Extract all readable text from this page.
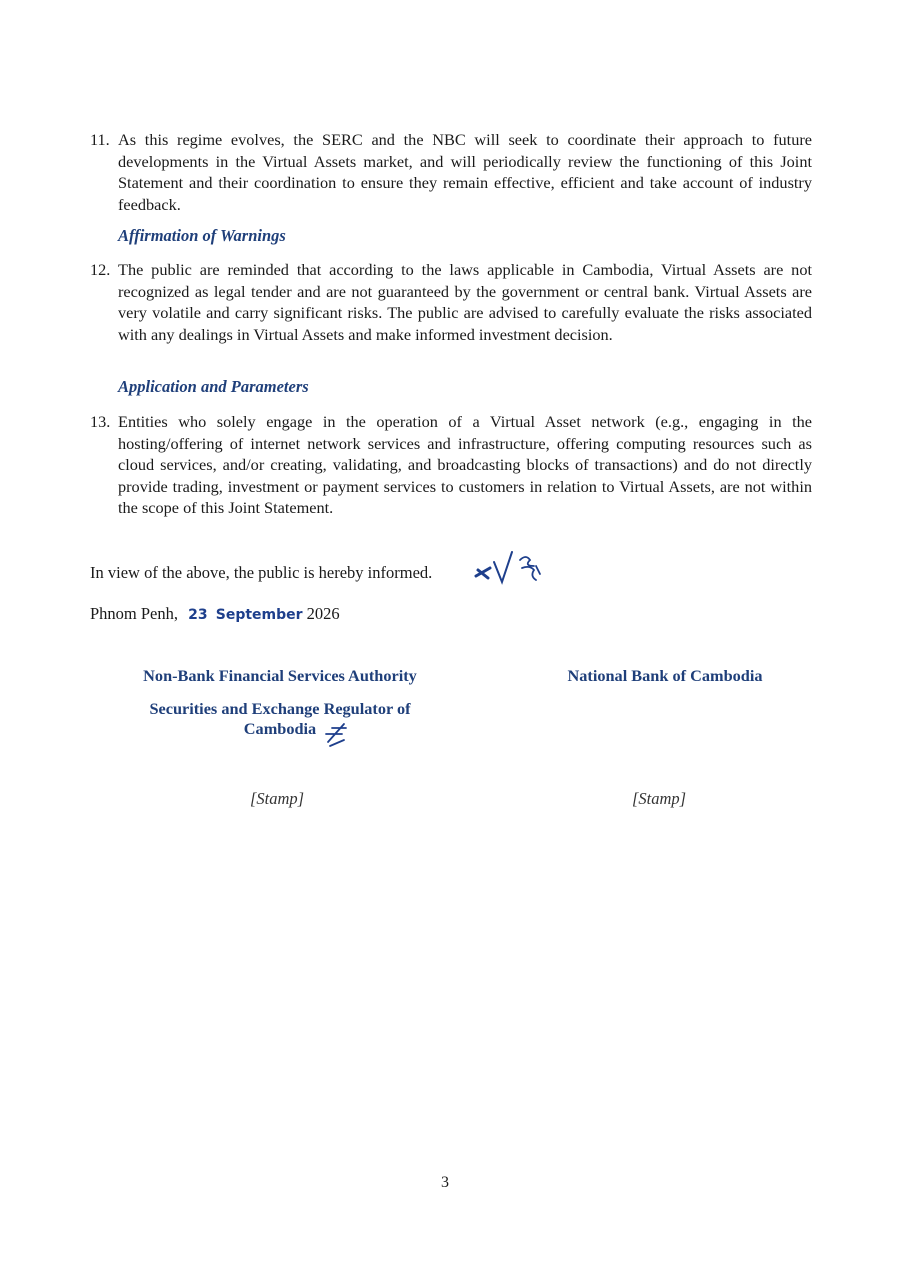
11. As this regime evolves, the SERC and the NBC will seek to coordinate their approach to future developments in the Virtual Assets market, and will periodically review the functioning of this Joint Statement and their coordination to ensure they remain effective, efficient and take account of industry feedback.
Affirmation of Warnings
12. The public are reminded that according to the laws applicable in Cambodia, Virtual Assets are not recognized as legal tender and are not guaranteed by the government or central bank. Virtual Assets are very volatile and carry significant risks. The public are advised to carefully evaluate the risks associated with any dealings in Virtual Assets and make informed investment decision.
Application and Parameters
13. Entities who solely engage in the operation of a Virtual Asset network (e.g., engaging in the hosting/offering of internet network services and infrastructure, offering computing resources such as cloud services, and/or creating, validating, and broadcasting blocks of transactions) and do not directly provide trading, investment or payment services to customers in relation to Virtual Assets, are not within the scope of this Joint Statement.
In view of the above, the public is hereby informed.
Phnom Penh, 23 September 2026
Non-Bank Financial Services Authority
Securities and Exchange Regulator of
Cambodia
National Bank of Cambodia
[Stamp]	[Stamp]
3
